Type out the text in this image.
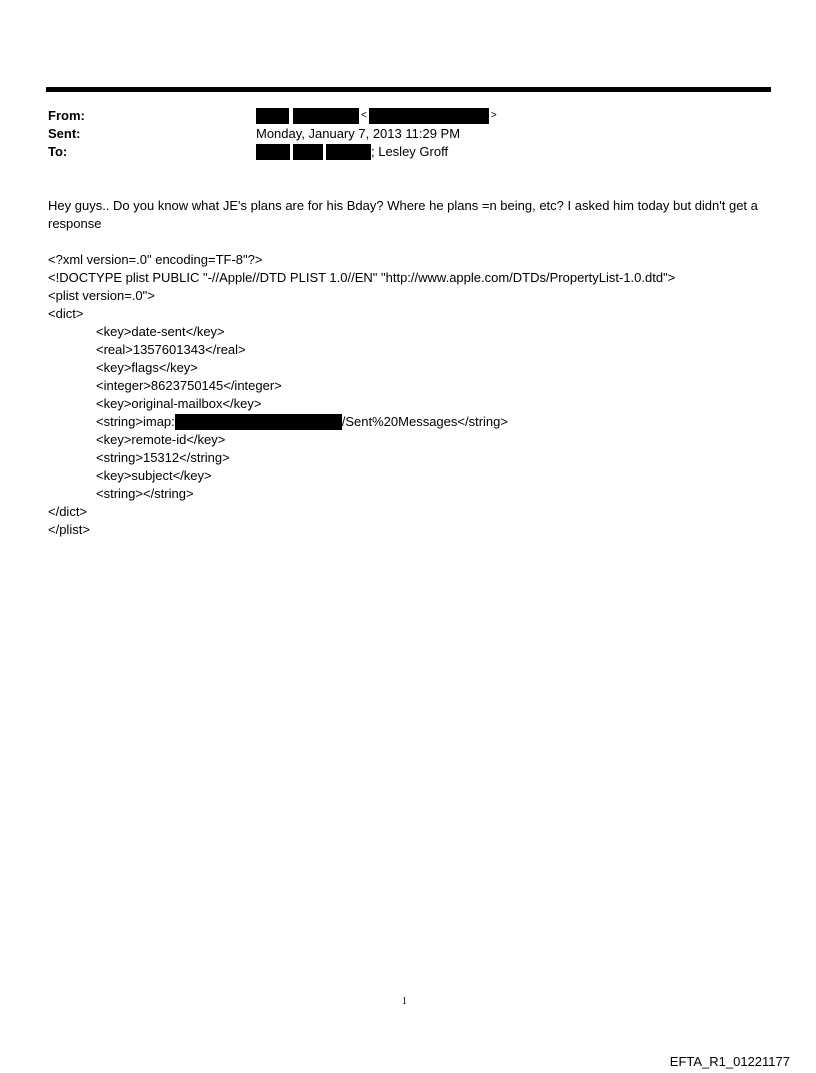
From:	<	>
Sent:	Monday, January 7, 2013 11:29 PM
To:	; Lesley Groff
Hey guys.. Do you know what JE's plans are for his Bday? Where he plans =n being, etc? I asked him today but didn't get a response
<?xml version=.0" encoding=TF-8"?>
<!DOCTYPE plist PUBLIC "-//Apple//DTD PLIST 1.0//EN" "http://www.apple.com/DTDs/PropertyList-1.0.dtd">
<plist version=.0">
<dict>
<key>date-sent</key>
<real>1357601343</real>
<key>flags</key>
<integer>8623750145</integer>
<key>original-mailbox</key>
<string>imap:	/Sent%20Messages</string>
<key>remote-id</key>
<string>15312</string>
<key>subject</key>
<string></string>
</dict>
</plist>
1
EFTA_R1_01221177
